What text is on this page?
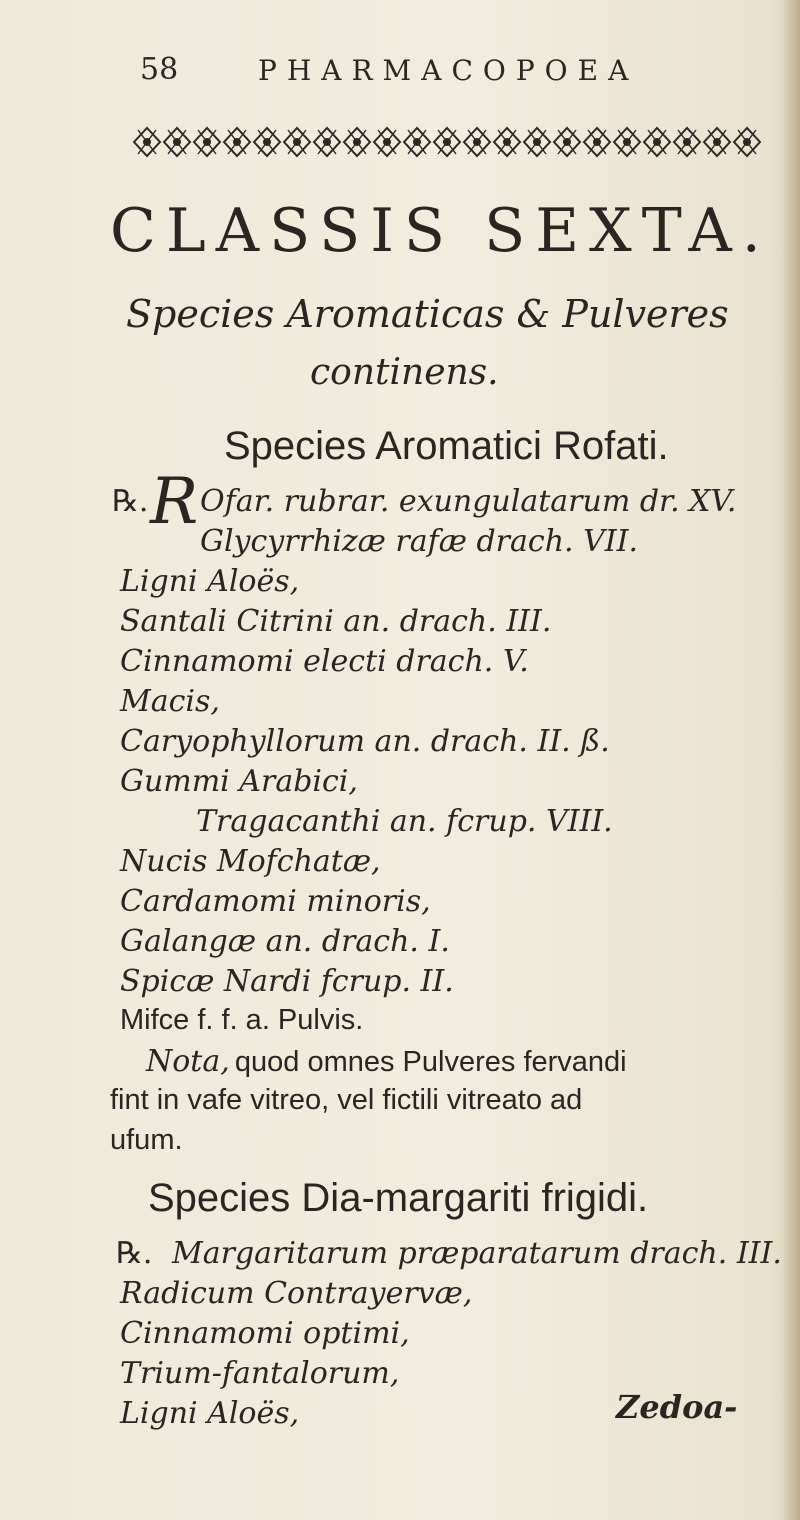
58	PHARMACOPOEA
CLASSIS SEXTA.
Species Aromaticas & Pulveres
continens.
Species Aromatici Rofati.
℞. R Ofar. rubrar. exungulatarum dr. XV.
Glycyrrhizæ rafæ drach. VII.
Ligni Aloës,
Santali Citrini an. drach. III.
Cinnamomi electi drach. V.
Macis,
Caryophyllorum an. drach. II. ß.
Gummi Arabici,
Tragacanthi an. fcrup. VIII.
Nucis Mofchatæ,
Cardamomi minoris,
Galangæ an. drach. I.
Spicæ Nardi fcrup. II.
Mifce f. f. a. Pulvis.
Nota, quod omnes Pulveres fervandi
fint in vafe vitreo, vel fictili vitreato ad
ufum.
Species Dia-margariti frigidi.
℞. Margaritarum præparatarum drach. III.
Radicum Contrayervæ,
Cinnamomi optimi,
Trium-fantalorum,
Ligni Aloës,	Zedoa-
